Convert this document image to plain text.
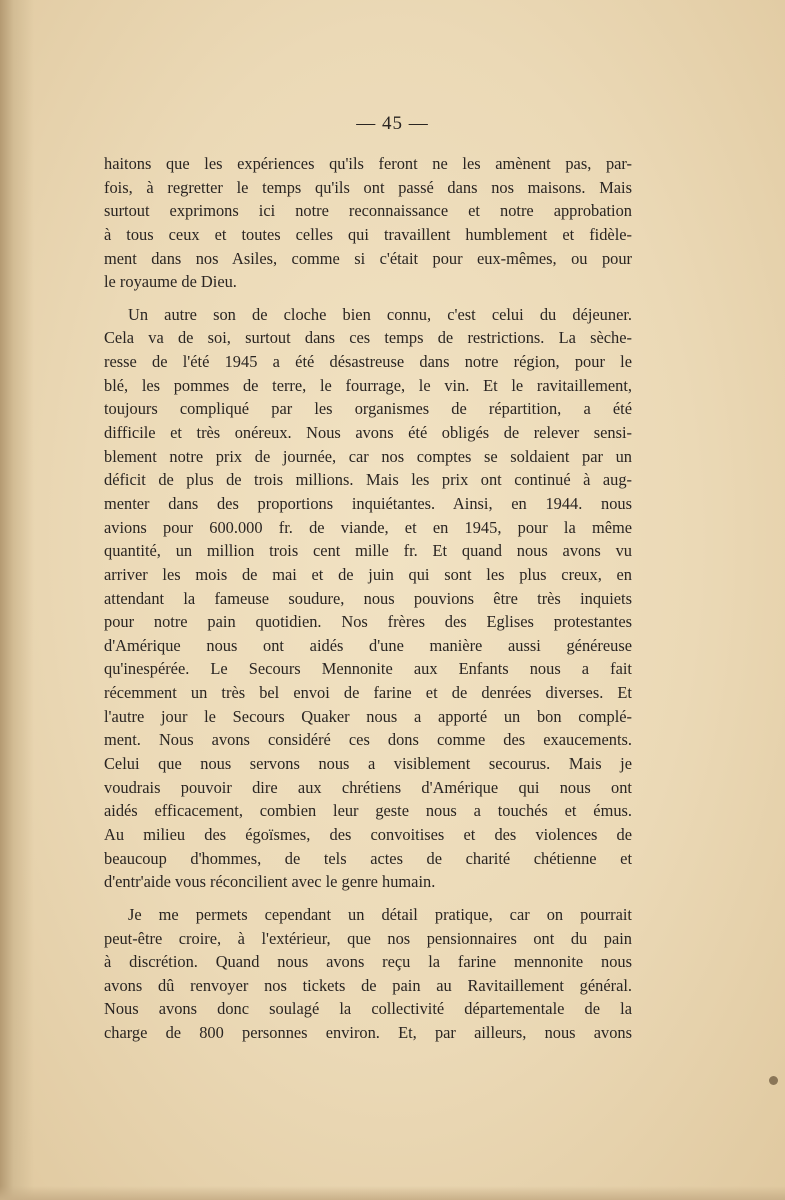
— 45 —
haitons que les expériences qu'ils feront ne les amènent pas, par-
fois, à regretter le temps qu'ils ont passé dans nos maisons. Mais
surtout exprimons ici notre reconnaissance et notre approbation
à tous ceux et toutes celles qui travaillent humblement et fidèle-
ment dans nos Asiles, comme si c'était pour eux-mêmes, ou pour
le royaume de Dieu.
Un autre son de cloche bien connu, c'est celui du déjeuner.
Cela va de soi, surtout dans ces temps de restrictions. La sèche-
resse de l'été 1945 a été désastreuse dans notre région, pour le
blé, les pommes de terre, le fourrage, le vin. Et le ravitaillement,
toujours compliqué par les organismes de répartition, a été
difficile et très onéreux. Nous avons été obligés de relever sensi-
blement notre prix de journée, car nos comptes se soldaient par un
déficit de plus de trois millions. Mais les prix ont continué à aug-
menter dans des proportions inquiétantes. Ainsi, en 1944. nous
avions pour 600.000 fr. de viande, et en 1945, pour la même
quantité, un million trois cent mille fr. Et quand nous avons vu
arriver les mois de mai et de juin qui sont les plus creux, en
attendant la fameuse soudure, nous pouvions être très inquiets
pour notre pain quotidien. Nos frères des Eglises protestantes
d'Amérique nous ont aidés d'une manière aussi généreuse
qu'inespérée. Le Secours Mennonite aux Enfants nous a fait
récemment un très bel envoi de farine et de denrées diverses. Et
l'autre jour le Secours Quaker nous a apporté un bon complé-
ment. Nous avons considéré ces dons comme des exaucements.
Celui que nous servons nous a visiblement secourus. Mais je
voudrais pouvoir dire aux chrétiens d'Amérique qui nous ont
aidés efficacement, combien leur geste nous a touchés et émus.
Au milieu des égoïsmes, des convoitises et des violences de
beaucoup d'hommes, de tels actes de charité chétienne et
d'entr'aide vous réconcilient avec le genre humain.
Je me permets cependant un détail pratique, car on pourrait
peut-être croire, à l'extérieur, que nos pensionnaires ont du pain
à discrétion. Quand nous avons reçu la farine mennonite nous
avons dû renvoyer nos tickets de pain au Ravitaillement général.
Nous avons donc soulagé la collectivité départementale de la
charge de 800 personnes environ. Et, par ailleurs, nous avons
